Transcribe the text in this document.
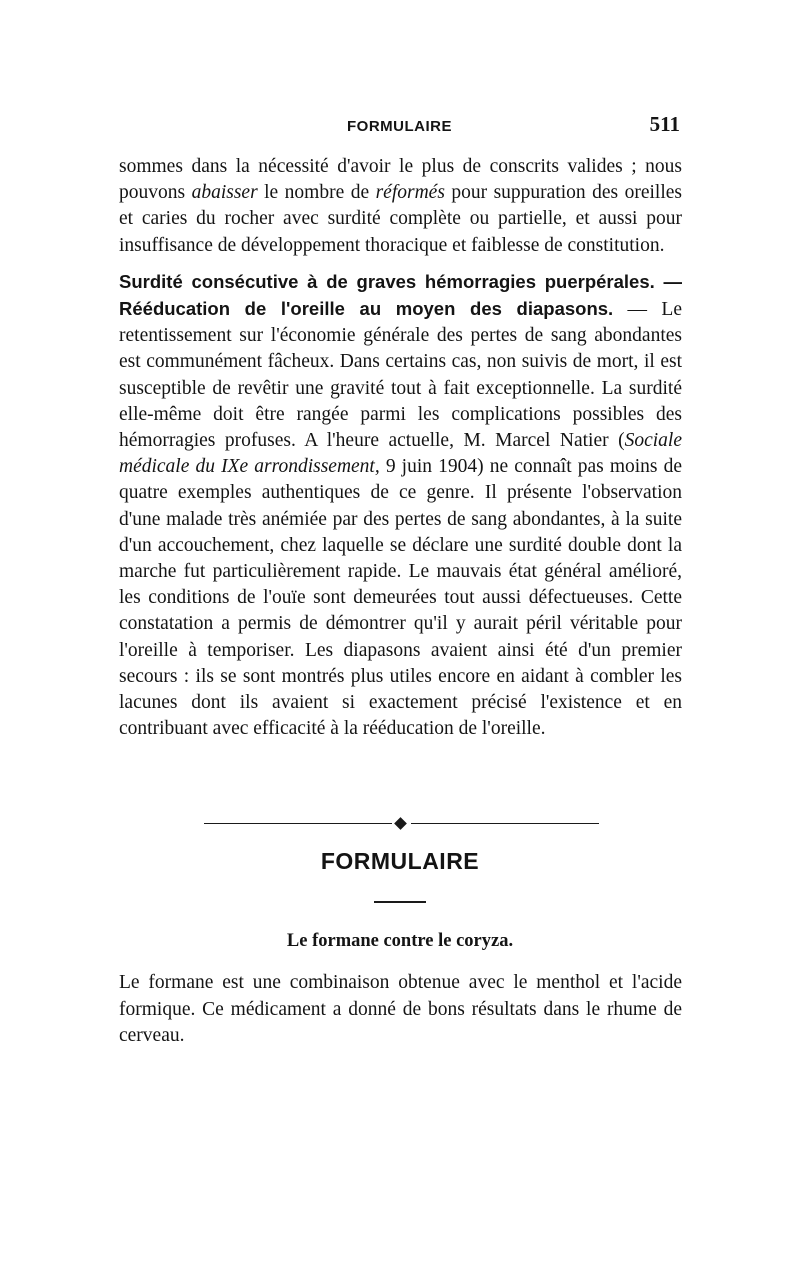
FORMULAIRE	511

sommes dans la nécessité d'avoir le plus de conscrits valides ; nous pouvons abaisser le nombre de réformés pour suppuration des oreilles et caries du rocher avec surdité complète ou partielle, et aussi pour insuffisance de développement thoracique et faiblesse de constitution.

Surdité consécutive à de graves hémorragies puerpérales. — Rééducation de l'oreille au moyen des diapasons. — Le retentissement sur l'économie générale des pertes de sang abondantes est communément fâcheux. Dans certains cas, non suivis de mort, il est susceptible de revêtir une gravité tout à fait exceptionnelle. La surdité elle-même doit être rangée parmi les complications possibles des hémorragies profuses. A l'heure actuelle, M. Marcel Natier (Sociale médicale du IXe arrondissement, 9 juin 1904) ne connaît pas moins de quatre exemples authentiques de ce genre. Il présente l'observation d'une malade très anémiée par des pertes de sang abondantes, à la suite d'un accouchement, chez laquelle se déclare une surdité double dont la marche fut particulièrement rapide. Le mauvais état général amélioré, les conditions de l'ouïe sont demeurées tout aussi défectueuses. Cette constatation a permis de démontrer qu'il y aurait péril véritable pour l'oreille à temporiser. Les diapasons avaient ainsi été d'un premier secours : ils se sont montrés plus utiles encore en aidant à combler les lacunes dont ils avaient si exactement précisé l'existence et en contribuant avec efficacité à la rééducation de l'oreille.

FORMULAIRE
Le formane contre le coryza.

Le formane est une combinaison obtenue avec le menthol et l'acide formique. Ce médicament a donné de bons résultats dans le rhume de cerveau.
